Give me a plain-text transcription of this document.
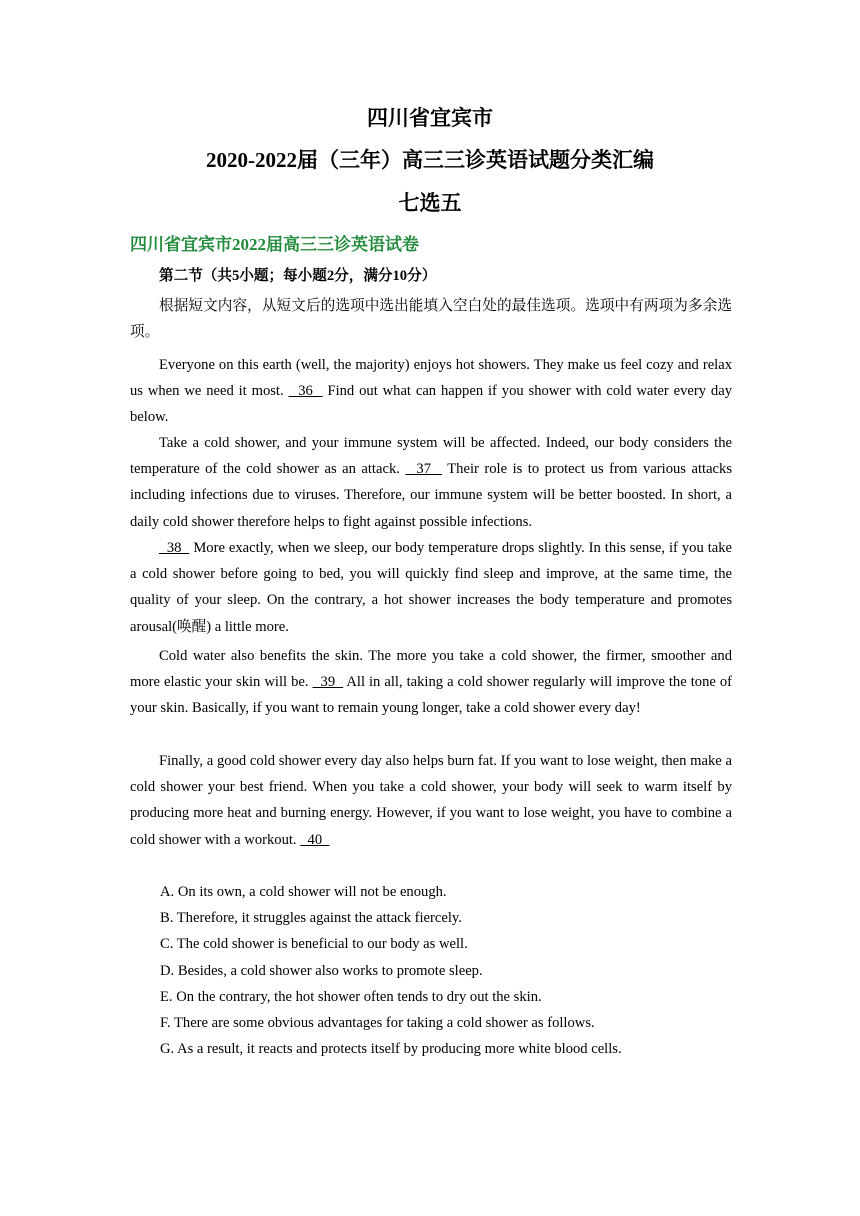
四川省宜宾市
2020-2022届（三年）高三三诊英语试题分类汇编
七选五
四川省宜宾市2022届高三三诊英语试卷
第二节（共5小题；每小题2分，满分10分）
根据短文内容，从短文后的选项中选出能填入空白处的最佳选项。选项中有两项为多余选项。
Everyone on this earth (well, the majority) enjoys hot showers. They make us feel cozy and relax us when we need it most.   36   Find out what can happen if you shower with cold water every day below.
Take a cold shower, and your immune system will be affected. Indeed, our body considers the temperature of the cold shower as an attack.   37   Their role is to protect us from various attacks including infections due to viruses. Therefore, our immune system will be better boosted. In short, a daily cold shower therefore helps to fight against possible infections.
38   More exactly, when we sleep, our body temperature drops slightly. In this sense, if you take a cold shower before going to bed, you will quickly find sleep and improve, at the same time, the quality of your sleep. On the contrary, a hot shower increases the body temperature and promotes arousal(唤醒) a little more.
Cold water also benefits the skin. The more you take a cold shower, the firmer, smoother and more elastic your skin will be.   39   All in all, taking a cold shower regularly will improve the tone of your skin. Basically, if you want to remain young longer, take a cold shower every day!
Finally, a good cold shower every day also helps burn fat. If you want to lose weight, then make a cold shower your best friend. When you take a cold shower, your body will seek to warm itself by producing more heat and burning energy. However, if you want to lose weight, you have to combine a cold shower with a workout.   40
A. On its own, a cold shower will not be enough.
B. Therefore, it struggles against the attack fiercely.
C. The cold shower is beneficial to our body as well.
D. Besides, a cold shower also works to promote sleep.
E. On the contrary, the hot shower often tends to dry out the skin.
F. There are some obvious advantages for taking a cold shower as follows.
G. As a result, it reacts and protects itself by producing more white blood cells.
